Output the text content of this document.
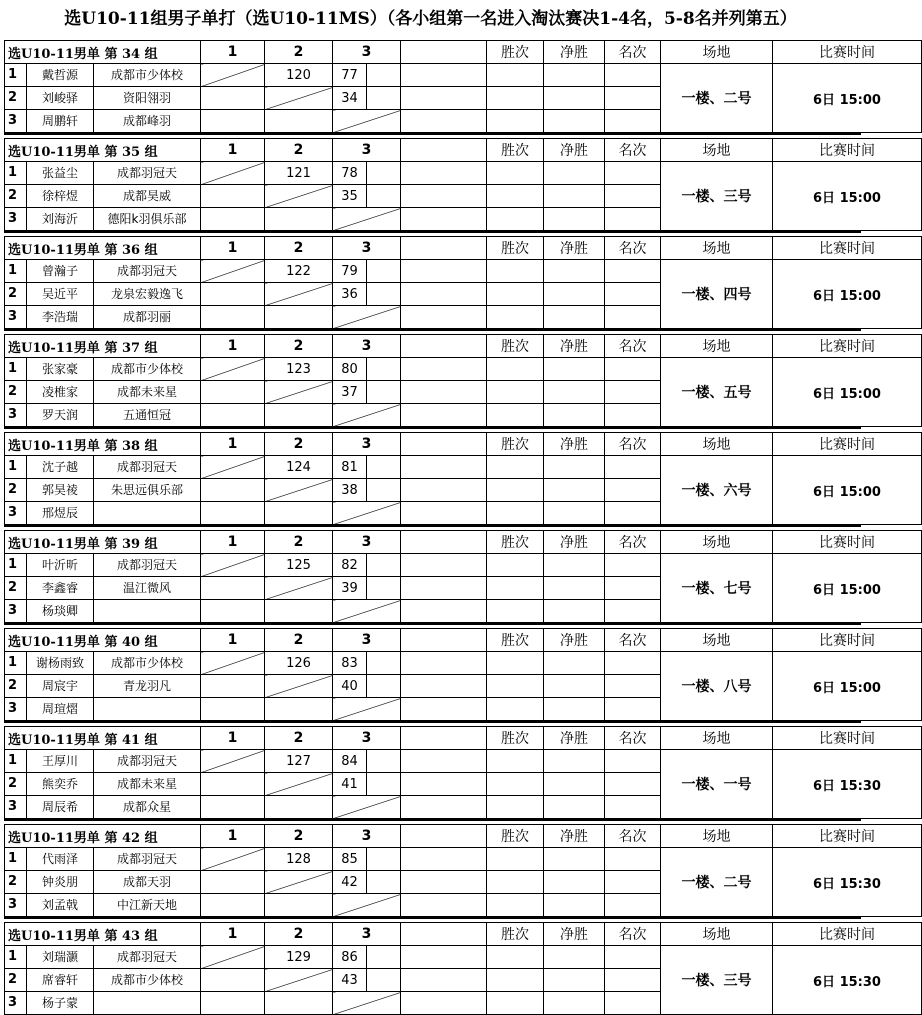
选U10-11组男子单打（选U10-11MS）（各小组第一名进入淘汰赛决1-4名，5-8名并列第五）
选U10-11男单 第 34 组	1	2	3			胜次	净胜	名次	场地	比赛时间

1 戴哲源 成都市少体校		120	77						一楼、二号	6日 15:00

2 刘峻驿 资阳翎羽			34							

3 周鹏轩 成都峰羽										

选U10-11男单 第 35 组	1	2	3			胜次	净胜	名次	场地	比赛时间

1 张益尘 成都羽冠天		121	78						一楼、三号	6日 15:00

2 徐梓煜 成都昊威			35							

3 刘海沂 德阳k羽俱乐部										

选U10-11男单 第 36 组	1	2	3			胜次	净胜	名次	场地	比赛时间

1 曾瀚子 成都羽冠天		122	79						一楼、四号	6日 15:00

2 吴近平 龙泉宏毅逸飞			36							

3 李浩瑞 成都羽丽										

选U10-11男单 第 37 组	1	2	3			胜次	净胜	名次	场地	比赛时间

1 张家豪 成都市少体校		123	80						一楼、五号	6日 15:00

2 凌椎家 成都未来星			37							

3 罗天润 五通恒冠										

选U10-11男单 第 38 组	1	2	3			胜次	净胜	名次	场地	比赛时间

1 沈子越 成都羽冠天		124	81						一楼、六号	6日 15:00

2 郭昊祾 朱思远俱乐部			38							

3 邢煜辰										

选U10-11男单 第 39 组	1	2	3			胜次	净胜	名次	场地	比赛时间

1 叶沂昕 成都羽冠天		125	82						一楼、七号	6日 15:00

2 李鑫睿 温江微风			39							

3 杨琰卿										

选U10-11男单 第 40 组	1	2	3			胜次	净胜	名次	场地	比赛时间

1 谢杨雨致 成都市少体校		126	83						一楼、八号	6日 15:00

2 周宸宇 青龙羽凡			40							

3 周瑄熠										

选U10-11男单 第 41 组	1	2	3			胜次	净胜	名次	场地	比赛时间

1 王厚川 成都羽冠天		127	84						一楼、一号	6日 15:30

2 熊奕乔 成都未来星			41							

3 周辰希 成都众星										

选U10-11男单 第 42 组	1	2	3			胜次	净胜	名次	场地	比赛时间

1 代雨泽 成都羽冠天		128	85						一楼、二号	6日 15:30

2 钟炎朋 成都天羽			42							

3 刘孟戟 中江新天地										

选U10-11男单 第 43 组	1	2	3			胜次	净胜	名次	场地	比赛时间

1 刘瑞灏 成都羽冠天		129	86						一楼、三号	6日 15:30

2 席睿轩 成都市少体校			43							

3 杨子蒙										
